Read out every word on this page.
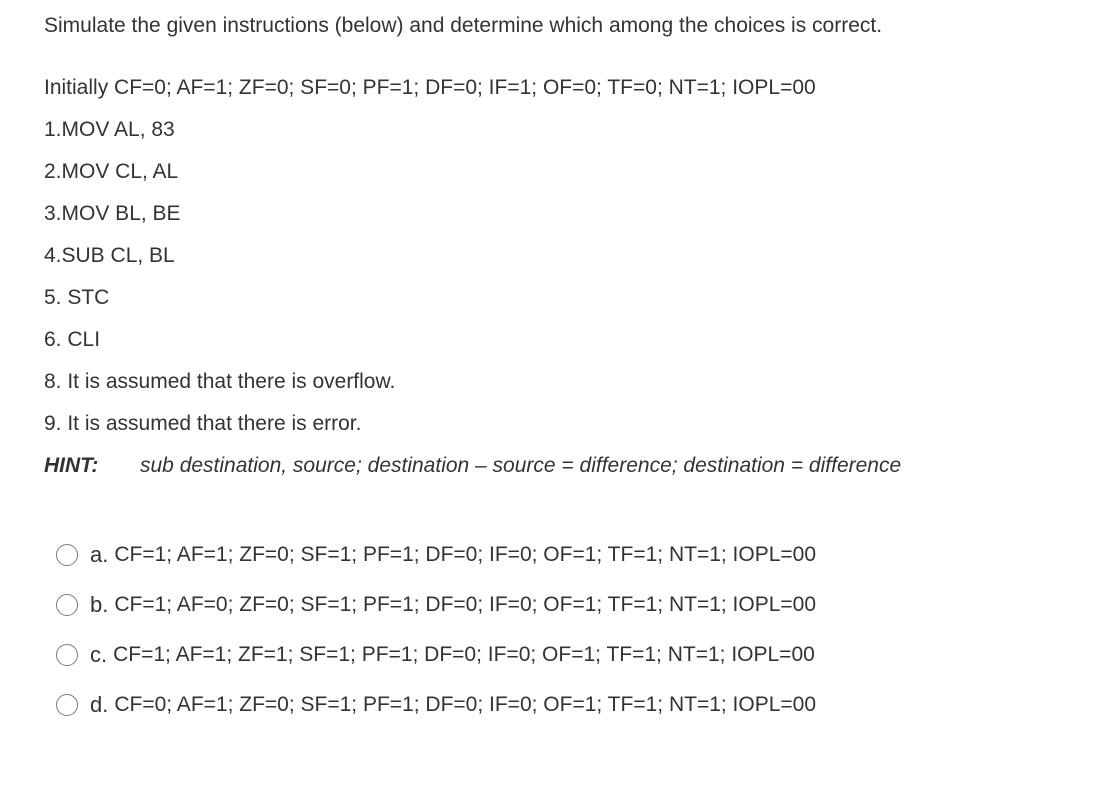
Simulate the given instructions (below) and determine which among the choices is correct.
Initially CF=0; AF=1; ZF=0; SF=0; PF=1; DF=0; IF=1; OF=0; TF=0; NT=1; IOPL=00
1.MOV AL, 83
2.MOV CL, AL
3.MOV BL, BE
4.SUB CL, BL
5. STC
6. CLI
8. It is assumed that there is overflow.
9. It is assumed that there is error.
HINT: sub destination, source; destination – source = difference; destination = difference
a. CF=1; AF=1; ZF=0; SF=1; PF=1; DF=0; IF=0; OF=1; TF=1; NT=1; IOPL=00
b. CF=1; AF=0; ZF=0; SF=1; PF=1; DF=0; IF=0; OF=1; TF=1; NT=1; IOPL=00
c. CF=1; AF=1; ZF=1; SF=1; PF=1; DF=0; IF=0; OF=1; TF=1; NT=1; IOPL=00
d. CF=0; AF=1; ZF=0; SF=1; PF=1; DF=0; IF=0; OF=1; TF=1; NT=1; IOPL=00
